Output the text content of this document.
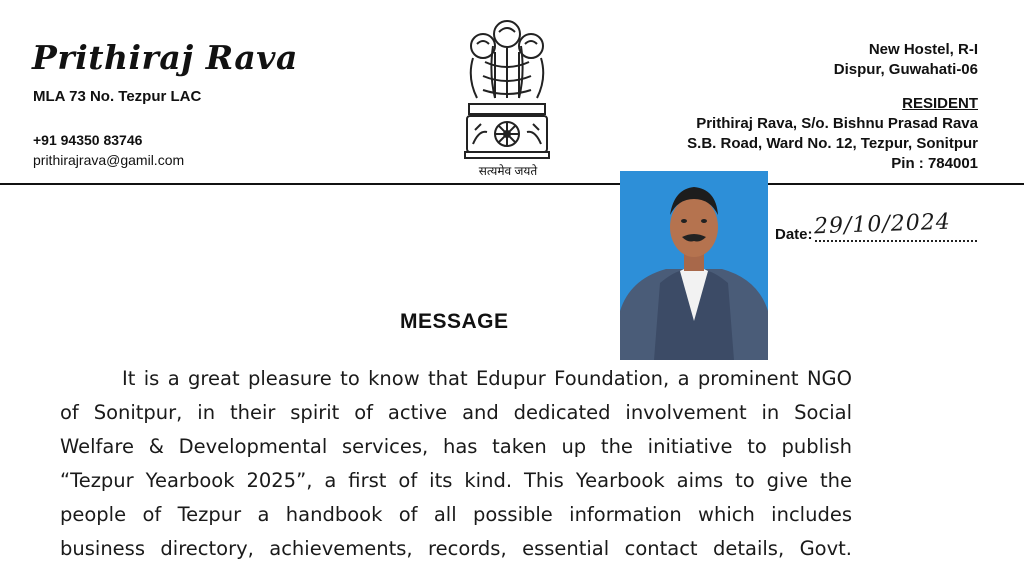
Prithiraj Rava
MLA 73 No. Tezpur LAC
+91 94350 83746
prithirajrava@gamil.com
सत्यमेव जयते
New Hostel, R-I
Dispur, Guwahati-06
RESIDENT
Prithiraj Rava, S/o. Bishnu Prasad Rava
S.B. Road, Ward No. 12, Tezpur, Sonitpur
Pin : 784001
Date: 29/10/2024
MESSAGE
It is a great pleasure to know that Edupur Foundation, a prominent NGO
of Sonitpur, in their spirit of active and dedicated involvement in Social
Welfare & Developmental services, has taken up the initiative to publish
“Tezpur Yearbook 2025”, a first of its kind. This Yearbook aims to give the
people of Tezpur a handbook of all possible information which includes
business directory, achievements, records, essential contact details, Govt.
